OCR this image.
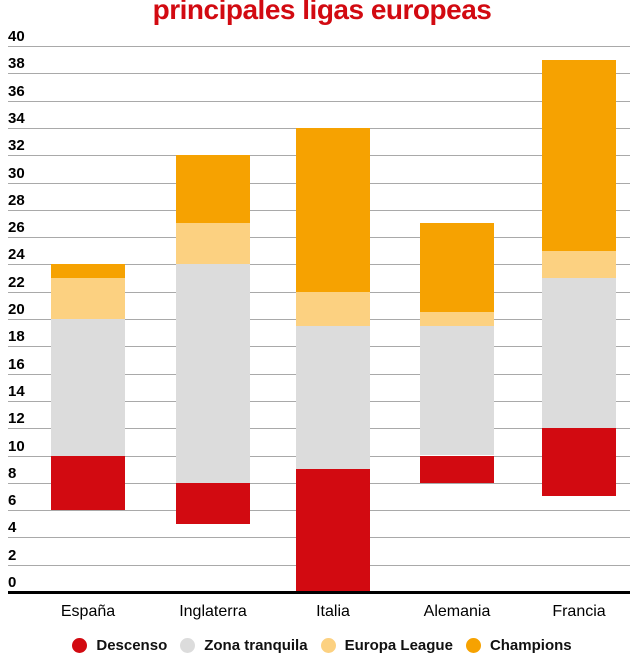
principales ligas europeas
0
2
4
6
8
10
12
14
16
18
20
22
24
26
28
30
32
34
36
38
40
España	Inglaterra	Italia	Alemania	Francia
Descenso Zona tranquila Europa League Champions
